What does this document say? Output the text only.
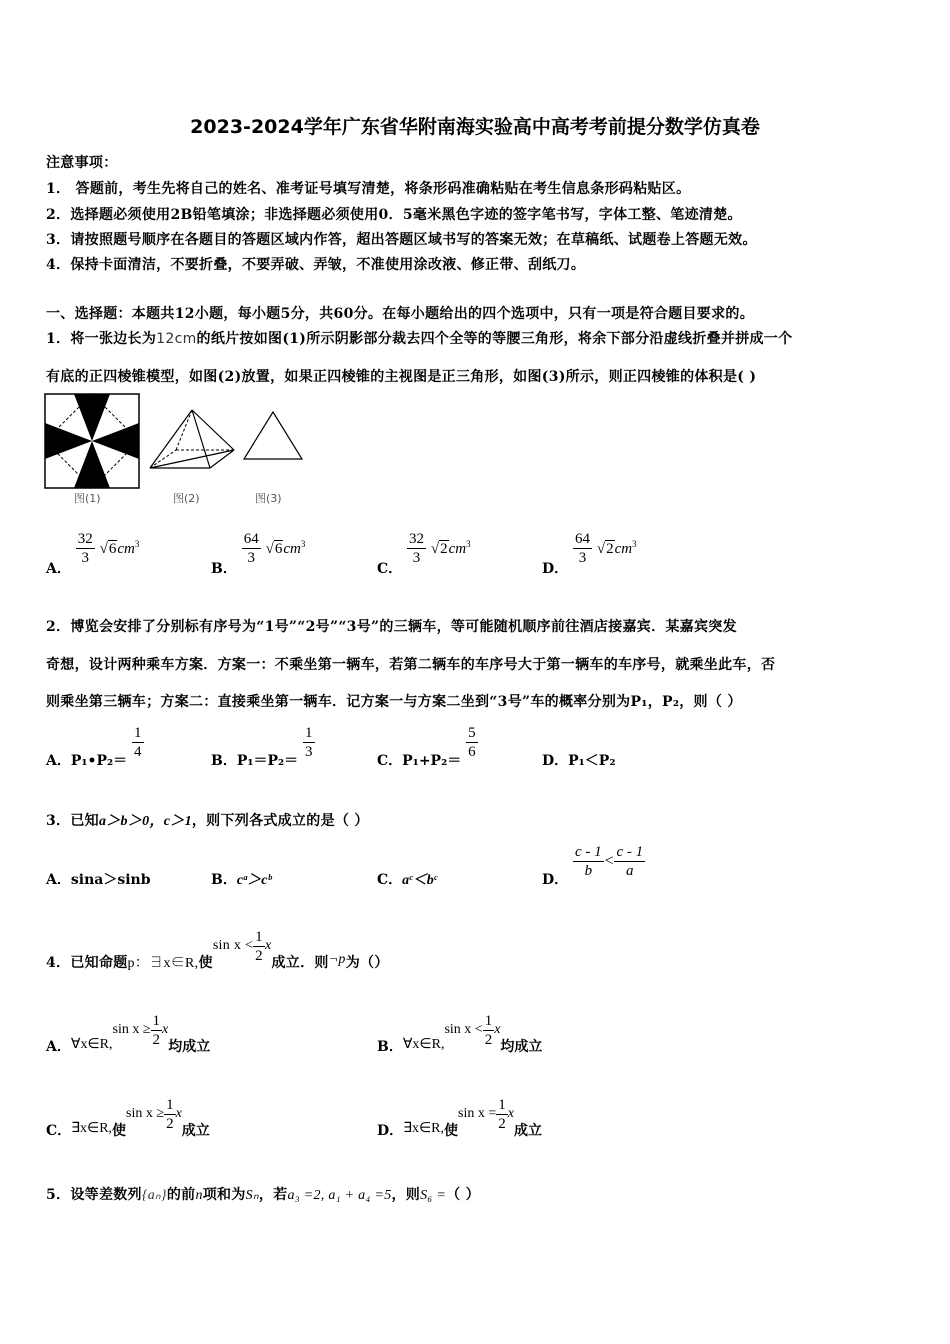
2023-2024学年广东省华附南海实验高中高考考前提分数学仿真卷
注意事项：
1． 答题前，考生先将自己的姓名、准考证号填写清楚，将条形码准确粘贴在考生信息条形码粘贴区。
2．选择题必须使用2B铅笔填涂；非选择题必须使用0．5毫米黑色字迹的签字笔书写，字体工整、笔迹清楚。
3．请按照题号顺序在各题目的答题区域内作答，超出答题区域书写的答案无效；在草稿纸、试题卷上答题无效。
4．保持卡面清洁，不要折叠，不要弄破、弄皱，不准使用涂改液、修正带、刮纸刀。
一、选择题：本题共12小题，每小题5分，共60分。在每小题给出的四个选项中，只有一项是符合题目要求的。
1．将一张边长为12cm的纸片按如图(1)所示阴影部分裁去四个全等的等腰三角形，将余下部分沿虚线折叠并拼成一个
有底的正四棱锥模型，如图(2)放置，如果正四棱锥的主视图是正三角形，如图(3)所示，则正四棱锥的体积是( )
图(1)	图(2)	图(3)
A．
$\frac{32}{3} √6cm^3$
B．
$\frac{64}{3} √6cm^3$
C．
$\frac{32}{3} √2cm^3$
D．
$\frac{64}{3} √2cm^3$
2．博览会安排了分别标有序号为“1号”“2号”“3号”的三辆车，等可能随机顺序前往酒店接嘉宾．某嘉宾突发
奇想，设计两种乘车方案．方案一：不乘坐第一辆车，若第二辆车的车序号大于第一辆车的车序号，就乘坐此车，否
则乘坐第三辆车；方案二：直接乘坐第一辆车．记方案一与方案二坐到“3号”车的概率分别为P₁，P₂，则（ ）
A．P₁•P₂＝ $\frac{1}{4}$	B．$P_1=P_2= \frac{1}{3}$	C．$P_1+P_2= \frac{5}{6}$	D．P₁＜P₂
3．已知a＞b＞0，c＞1，则下列各式成立的是（ ）
A．sina＞sinb	B．cᵃ＞cᵇ	C．aᶜ＜bᶜ	D． $\frac{c - 1}{b} < \frac{c - 1}{a}$
4．已知命题p：∃x∈R,使$\sin x < \frac{1}{2}$ x成立．则¬p为（）
A．∀x∈R,sin $x \ge \frac{1}{2}$ x均成立	B．∀x∈R,sin $x < \frac{1}{2}$ x均成立
C．∃x∈R,使$\sin x \ge \frac{1}{2}$ x成立	D．∃x∈R,使$\sin x = \frac{1}{2}$ x成立
5．设等差数列{aₙ}的前n项和为Sₙ，若a₃ =2, a₁ + a₄ =5，则S₆ =（ ）
